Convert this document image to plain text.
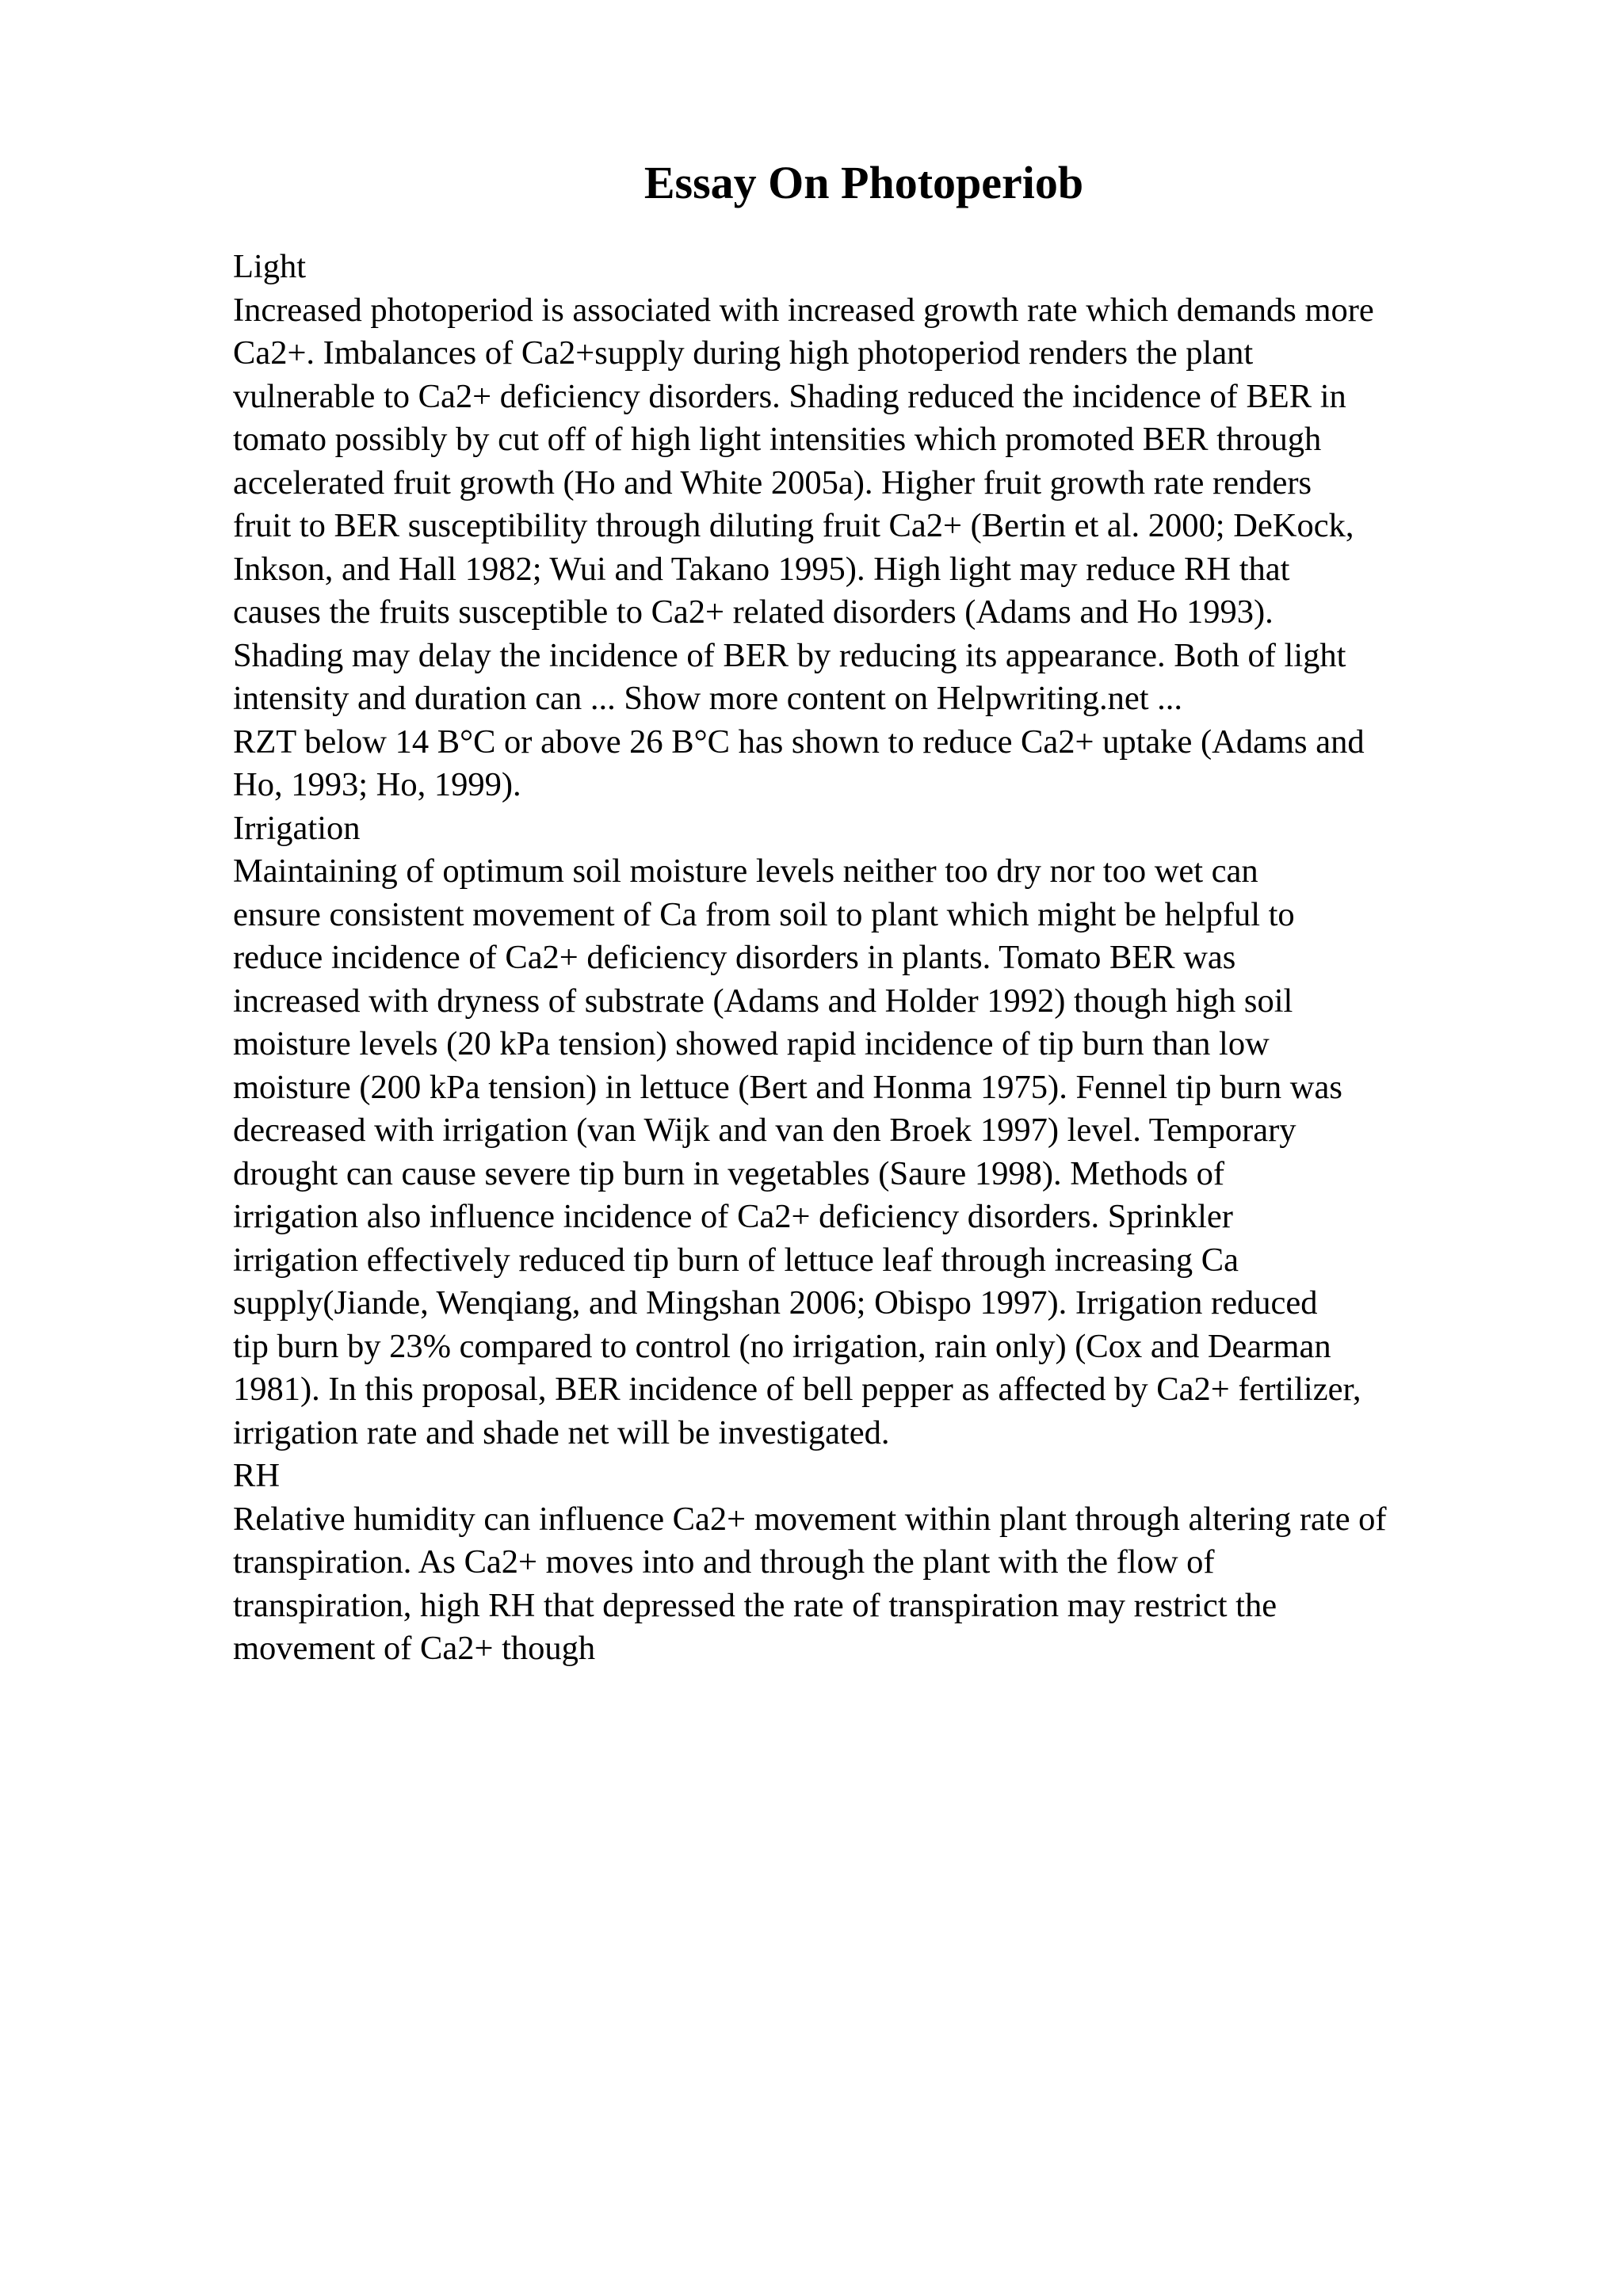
Essay On Photoperiob
Light
Increased photoperiod is associated with increased growth rate which demands more
Ca2+. Imbalances of Ca2+supply during high photoperiod renders the plant
vulnerable to Ca2+ deficiency disorders. Shading reduced the incidence of BER in
tomato possibly by cut off of high light intensities which promoted BER through
accelerated fruit growth (Ho and White 2005a). Higher fruit growth rate renders
fruit to BER susceptibility through diluting fruit Ca2+ (Bertin et al. 2000; DeKock,
Inkson, and Hall 1982; Wui and Takano 1995). High light may reduce RH that
causes the fruits susceptible to Ca2+ related disorders (Adams and Ho 1993).
Shading may delay the incidence of BER by reducing its appearance. Both of light
intensity and duration can ... Show more content on Helpwriting.net ...
RZT below 14 B°C or above 26 B°C has shown to reduce Ca2+ uptake (Adams and
Ho, 1993; Ho, 1999).
Irrigation
Maintaining of optimum soil moisture levels neither too dry nor too wet can
ensure consistent movement of Ca from soil to plant which might be helpful to
reduce incidence of Ca2+ deficiency disorders in plants. Tomato BER was
increased with dryness of substrate (Adams and Holder 1992) though high soil
moisture levels (20 kPa tension) showed rapid incidence of tip burn than low
moisture (200 kPa tension) in lettuce (Bert and Honma 1975). Fennel tip burn was
decreased with irrigation (van Wijk and van den Broek 1997) level. Temporary
drought can cause severe tip burn in vegetables (Saure 1998). Methods of
irrigation also influence incidence of Ca2+ deficiency disorders. Sprinkler
irrigation effectively reduced tip burn of lettuce leaf through increasing Ca
supply(Jiande, Wenqiang, and Mingshan 2006; Obispo 1997). Irrigation reduced
tip burn by 23% compared to control (no irrigation, rain only) (Cox and Dearman
1981). In this proposal, BER incidence of bell pepper as affected by Ca2+ fertilizer,
irrigation rate and shade net will be investigated.
RH
Relative humidity can influence Ca2+ movement within plant through altering rate of
transpiration. As Ca2+ moves into and through the plant with the flow of
transpiration, high RH that depressed the rate of transpiration may restrict the
movement of Ca2+ though
